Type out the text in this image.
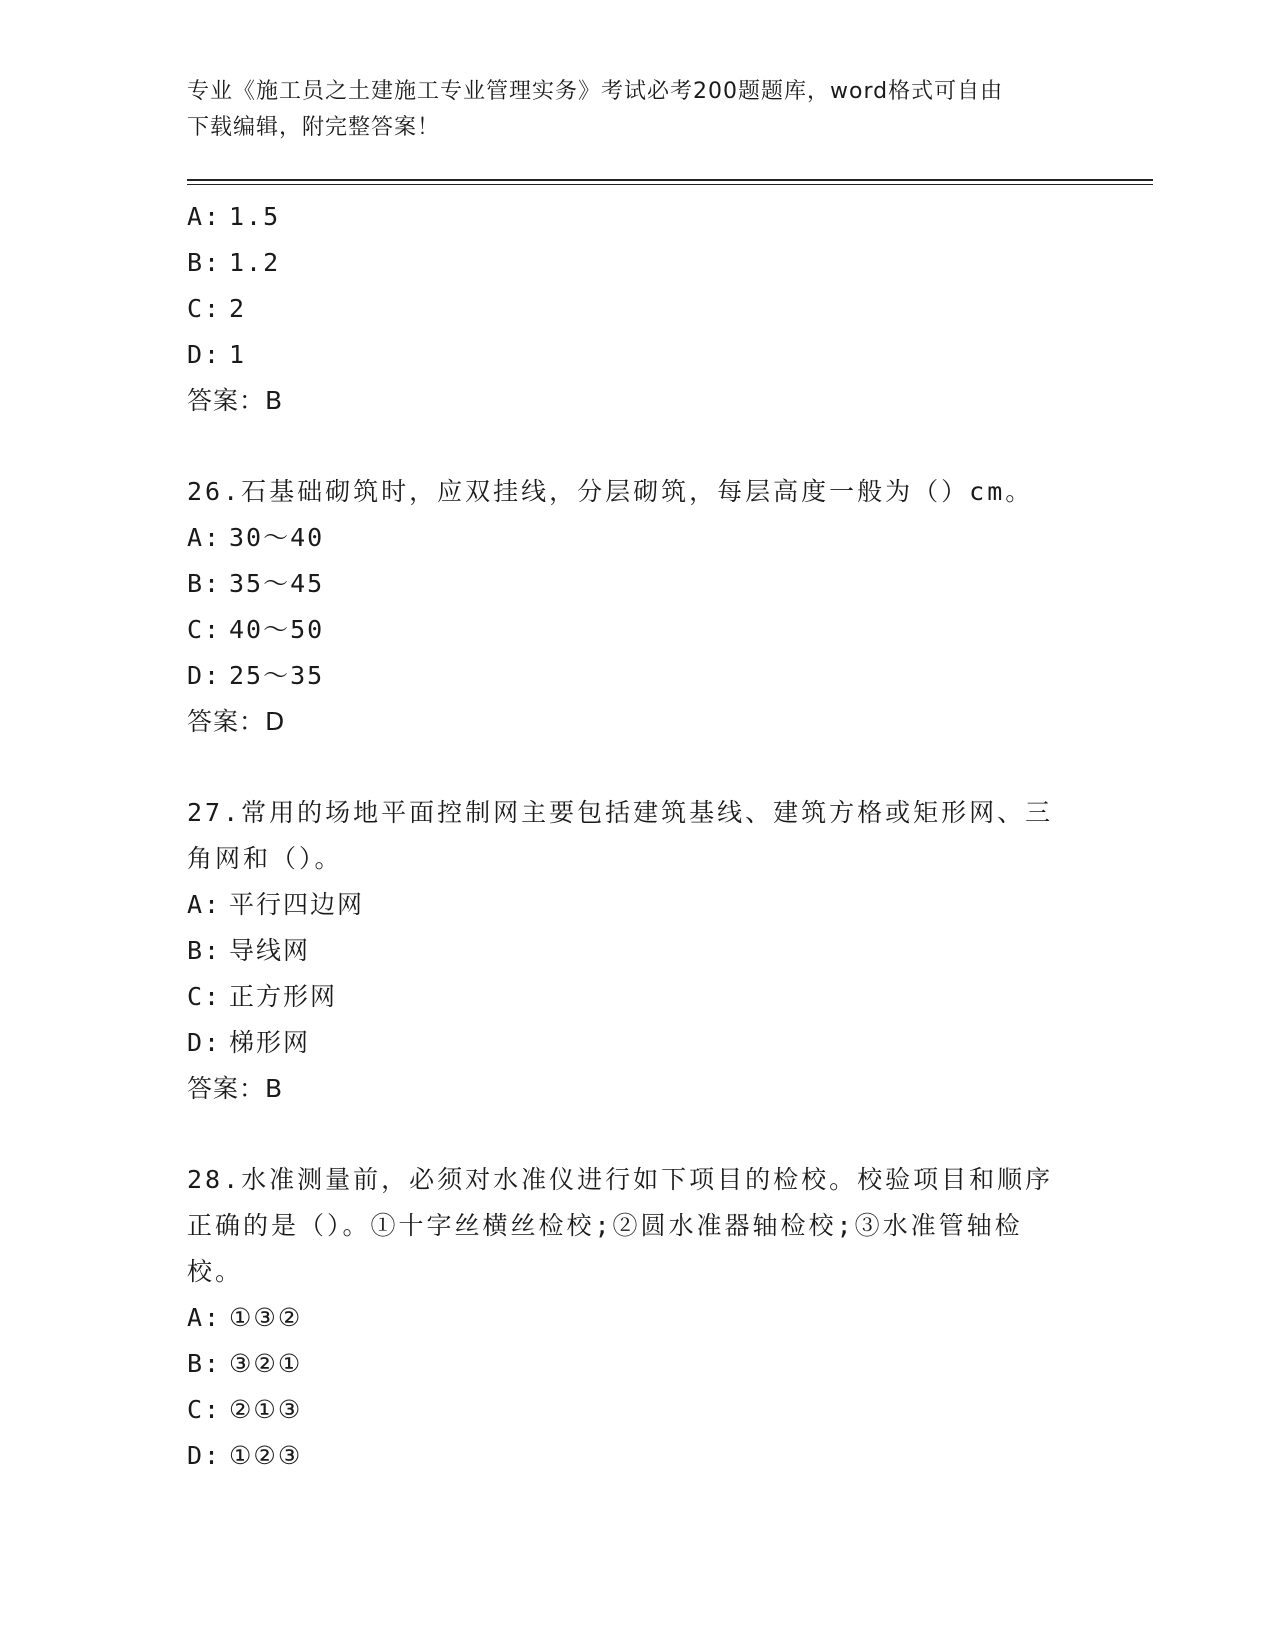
专业《施工员之土建施工专业管理实务》考试必考200题题库，word格式可自由
下载编辑，附完整答案！
A: 1.5
B: 1.2
C: 2
D: 1
答案：B
26.石基础砌筑时，应双挂线，分层砌筑，每层高度一般为（）cm。
A: 30～40
B: 35～45
C: 40～50
D: 25～35
答案：D
27.常用的场地平面控制网主要包括建筑基线、建筑方格或矩形网、三
角网和（）。
A: 平行四边网
B: 导线网
C: 正方形网
D: 梯形网
答案：B
28.水准测量前，必须对水准仪进行如下项目的检校。校验项目和顺序
正确的是（）。①十字丝横丝检校;②圆水准器轴检校;③水准管轴检
校。
A: ①③②
B: ③②①
C: ②①③
D: ①②③
